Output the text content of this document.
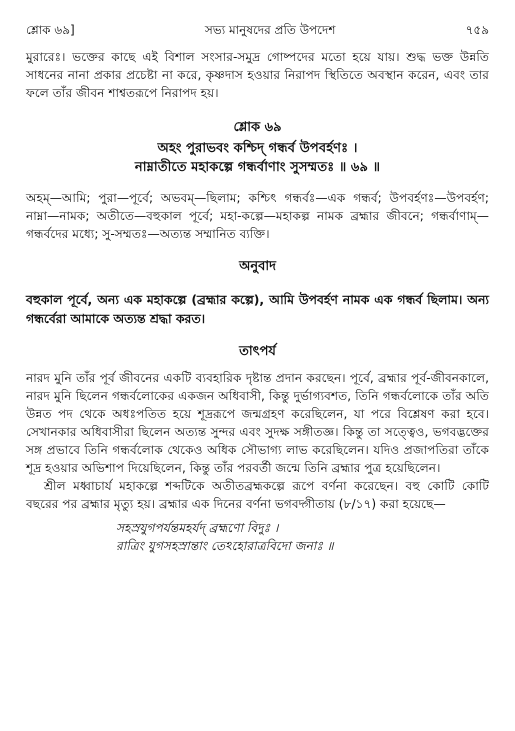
শ্লোক ৬৯]	সভ্য মানুষদের প্রতি উপদেশ	৭৫৯

মুরারেঃ। ভক্তের কাছে এই বিশাল সংসার-সমুদ্র গোষ্পদের মতো হয়ে যায়। শুদ্ধ ভক্ত উন্নতি সাধনের নানা প্রকার প্রচেষ্টা না করে, কৃষ্ণদাস হওয়ার নিরাপদ স্থিতিতে অবস্থান করেন, এবং তার ফলে তাঁর জীবন শাশ্বতরূপে নিরাপদ হয়।

শ্লোক ৬৯
অহং পুরাভবং কশ্চিদ্ গন্ধর্ব উপবর্হণঃ ।
নাম্নাতীতে মহাকল্পে গন্ধর্বাণাং সুসম্মতঃ ॥ ৬৯ ॥

অহম্—আমি; পুরা—পূর্বে; অভবম্—ছিলাম; কশ্চিৎ গন্ধর্বঃ—এক গন্ধর্ব; উপবর্হণঃ—উপবর্হণ; নাম্না—নামক; অতীতে—বহুকাল পূর্বে; মহা-কল্পে—মহাকল্প নামক ব্রহ্মার জীবনে; গন্ধর্বাণাম্—গন্ধর্বদের মধ্যে; সু-সম্মতঃ—অত্যন্ত সম্মানিত ব্যক্তি।

অনুবাদ

বহুকাল পূর্বে, অন্য এক মহাকল্পে (ব্রহ্মার কল্পে), আমি উপবর্হণ নামক এক গন্ধর্ব ছিলাম। অন্য গন্ধর্বেরা আমাকে অত্যন্ত শ্রদ্ধা করত।

তাৎপর্য

নারদ মুনি তাঁর পূর্ব জীবনের একটি ব্যবহারিক দৃষ্টান্ত প্রদান করছেন। পূর্বে, ব্রহ্মার পূর্ব-জীবনকালে, নারদ মুনি ছিলেন গন্ধর্বলোকের একজন অধিবাসী, কিন্তু দুর্ভাগ্যবশত, তিনি গন্ধর্বলোকে তাঁর অতি উন্নত পদ থেকে অধঃপতিত হয়ে শূদ্ররূপে জন্মগ্রহণ করেছিলেন, যা পরে বিশ্লেষণ করা হবে। সেখানকার অধিবাসীরা ছিলেন অত্যন্ত সুন্দর এবং সুদক্ষ সঙ্গীতজ্ঞ। কিন্তু তা সত্ত্বেও, ভগবদ্ভক্তের সঙ্গ প্রভাবে তিনি গন্ধর্বলোক থেকেও অধিক সৌভাগ্য লাভ করেছিলেন। যদিও প্রজাপতিরা তাঁকে শূদ্র হওয়ার অভিশাপ দিয়েছিলেন, কিন্তু তাঁর পরবর্তী জন্মে তিনি ব্রহ্মার পুত্র হয়েছিলেন।

শ্রীল মধ্বাচার্য মহাকল্পে শব্দটিকে অতীতব্রহ্মকল্পে রূপে বর্ণনা করেছেন। বহু কোটি কোটি বছরের পর ব্রহ্মার মৃত্যু হয়। ব্রহ্মার এক দিনের বর্ণনা ভগবদ্গীতায় (৮/১৭) করা হয়েছে—

সহস্রযুগপর্যন্তমহর্যদ্ ব্রহ্মণো বিদুঃ ।
রাত্রিং যুগসহস্রান্তাং তেঽহোরাত্রবিদো জনাঃ ॥
